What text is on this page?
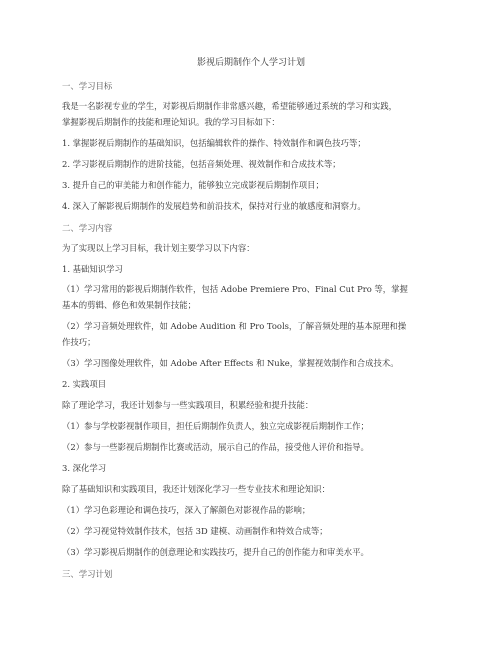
影视后期制作个人学习计划
一、学习目标
我是一名影视专业的学生，对影视后期制作非常感兴趣，希望能够通过系统的学习和实践，
掌握影视后期制作的技能和理论知识。我的学习目标如下：
1. 掌握影视后期制作的基础知识，包括编辑软件的操作、特效制作和调色技巧等；
2. 学习影视后期制作的进阶技能，包括音频处理、视效制作和合成技术等；
3. 提升自己的审美能力和创作能力，能够独立完成影视后期制作项目；
4. 深入了解影视后期制作的发展趋势和前沿技术，保持对行业的敏感度和洞察力。
二、学习内容
为了实现以上学习目标，我计划主要学习以下内容：
1. 基础知识学习
（1）学习常用的影视后期制作软件，包括 Adobe Premiere Pro、Final Cut Pro 等，掌握
基本的剪辑、修色和效果制作技能；
（2）学习音频处理软件，如 Adobe Audition 和 Pro Tools，了解音频处理的基本原理和操
作技巧；
（3）学习图像处理软件，如 Adobe After Effects 和 Nuke，掌握视效制作和合成技术。
2. 实践项目
除了理论学习，我还计划参与一些实践项目，积累经验和提升技能：
（1）参与学校影视制作项目，担任后期制作负责人，独立完成影视后期制作工作；
（2）参与一些影视后期制作比赛或活动，展示自己的作品，接受他人评价和指导。
3. 深化学习
除了基础知识和实践项目，我还计划深化学习一些专业技术和理论知识：
（1）学习色彩理论和调色技巧，深入了解颜色对影视作品的影响；
（2）学习视觉特效制作技术，包括 3D 建模、动画制作和特效合成等；
（3）学习影视后期制作的创意理论和实践技巧，提升自己的创作能力和审美水平。
三、学习计划
